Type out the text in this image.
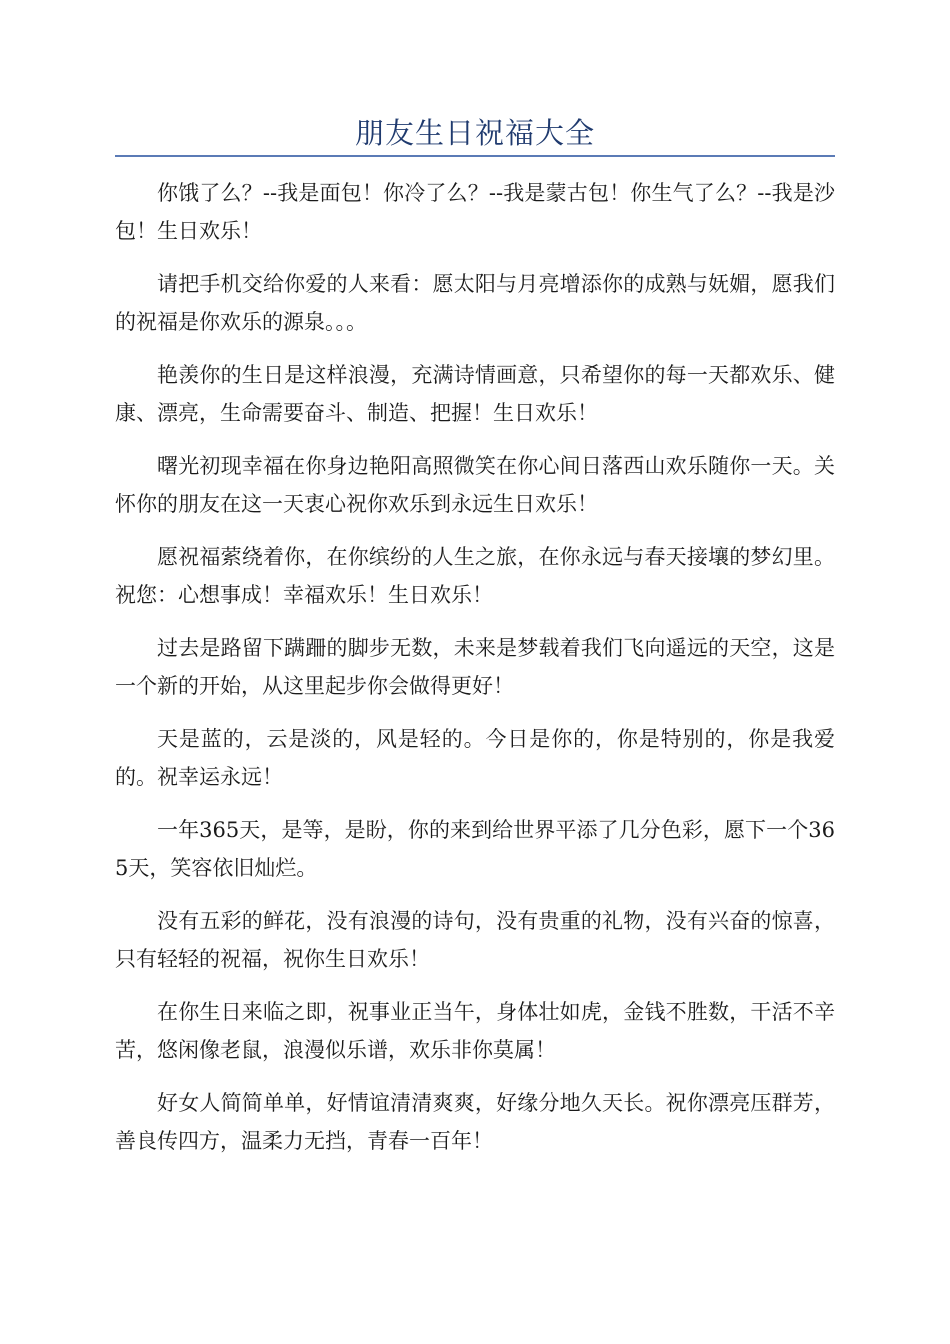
朋友生日祝福大全

你饿了么？--我是面包！你冷了么？--我是蒙古包！你生气了么？--我是沙包！生日欢乐！

请把手机交给你爱的人来看：愿太阳与月亮增添你的成熟与妩媚，愿我们的祝福是你欢乐的源泉。。。

艳羡你的生日是这样浪漫，充满诗情画意，只希望你的每一天都欢乐、健康、漂亮，生命需要奋斗、制造、把握！生日欢乐！

曙光初现幸福在你身边艳阳高照微笑在你心间日落西山欢乐随你一天。关怀你的朋友在这一天衷心祝你欢乐到永远生日欢乐！

愿祝福萦绕着你，在你缤纷的人生之旅，在你永远与春天接壤的梦幻里。祝您：心想事成！幸福欢乐！生日欢乐！

过去是路留下蹒跚的脚步无数，未来是梦载着我们飞向遥远的天空，这是一个新的开始，从这里起步你会做得更好！

天是蓝的，云是淡的，风是轻的。今日是你的，你是特别的，你是我爱的。祝幸运永远！

一年365天，是等，是盼，你的来到给世界平添了几分色彩，愿下一个365天，笑容依旧灿烂。

没有五彩的鲜花，没有浪漫的诗句，没有贵重的礼物，没有兴奋的惊喜，只有轻轻的祝福，祝你生日欢乐！

在你生日来临之即，祝事业正当午，身体壮如虎，金钱不胜数，干活不辛苦，悠闲像老鼠，浪漫似乐谱，欢乐非你莫属！

好女人简简单单，好情谊清清爽爽，好缘分地久天长。祝你漂亮压群芳，善良传四方，温柔力无挡，青春一百年！
